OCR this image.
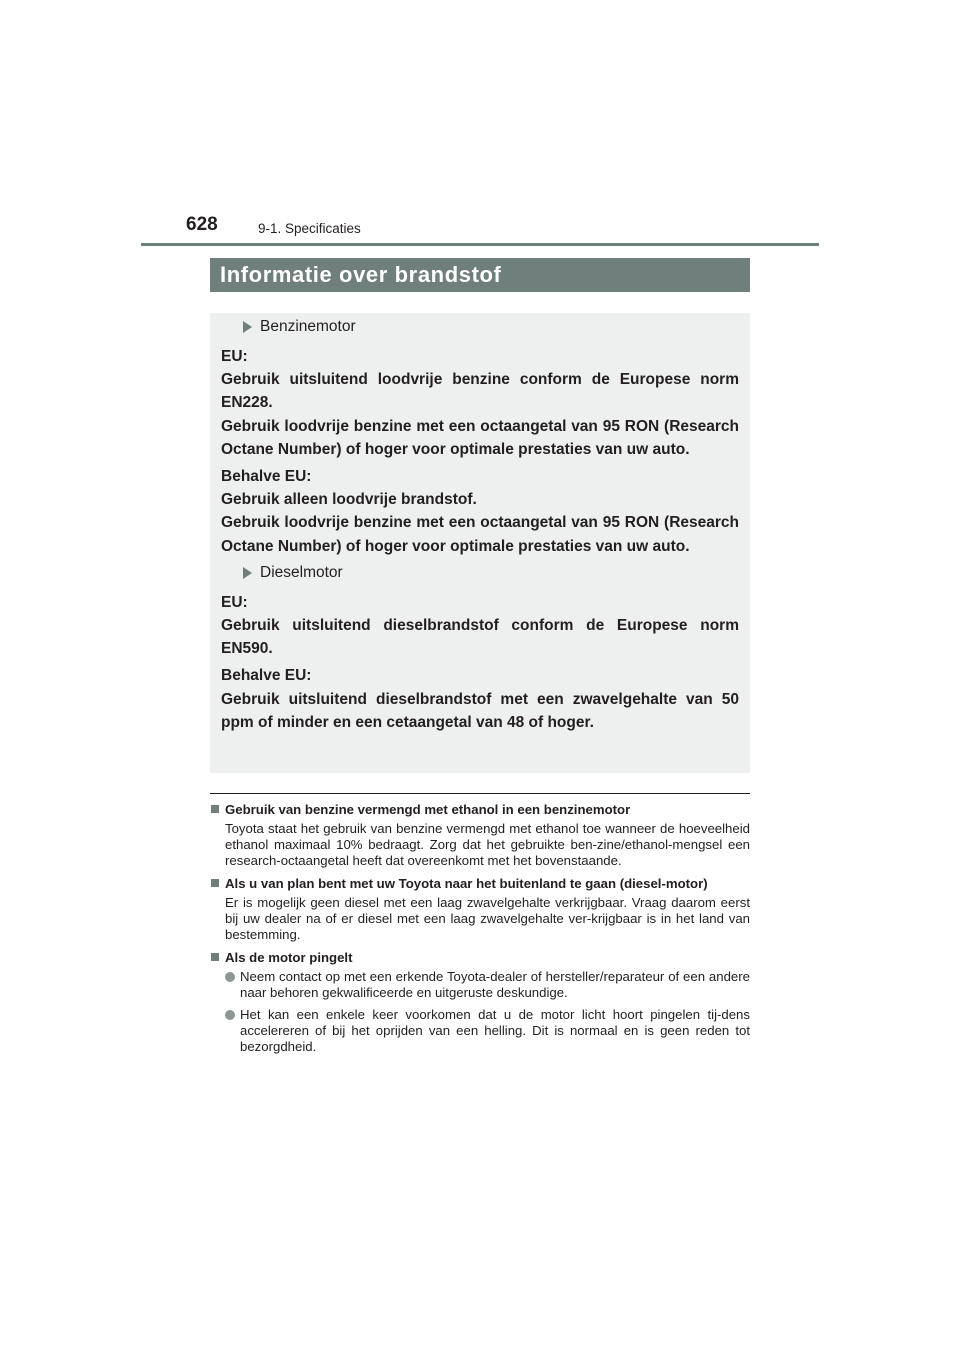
628	9-1. Specificaties
Informatie over brandstof
Benzinemotor
EU:
Gebruik uitsluitend loodvrije benzine conform de Europese norm EN228.
Gebruik loodvrije benzine met een octaangetal van 95 RON (Research Octane Number) of hoger voor optimale prestaties van uw auto.
Behalve EU:
Gebruik alleen loodvrije brandstof.
Gebruik loodvrije benzine met een octaangetal van 95 RON (Research Octane Number) of hoger voor optimale prestaties van uw auto.
Dieselmotor
EU:
Gebruik uitsluitend dieselbrandstof conform de Europese norm EN590.
Behalve EU:
Gebruik uitsluitend dieselbrandstof met een zwavelgehalte van 50 ppm of minder en een cetaangetal van 48 of hoger.
Gebruik van benzine vermengd met ethanol in een benzinemotor
Toyota staat het gebruik van benzine vermengd met ethanol toe wanneer de hoeveelheid ethanol maximaal 10% bedraagt. Zorg dat het gebruikte ben-zine/ethanol-mengsel een research-octaangetal heeft dat overeenkomt met het bovenstaande.
Als u van plan bent met uw Toyota naar het buitenland te gaan (diesel-motor)
Er is mogelijk geen diesel met een laag zwavelgehalte verkrijgbaar. Vraag daarom eerst bij uw dealer na of er diesel met een laag zwavelgehalte ver-krijgbaar is in het land van bestemming.
Als de motor pingelt
Neem contact op met een erkende Toyota-dealer of hersteller/reparateur of een andere naar behoren gekwalificeerde en uitgeruste deskundige.
Het kan een enkele keer voorkomen dat u de motor licht hoort pingelen tij-dens accelereren of bij het oprijden van een helling. Dit is normaal en is geen reden tot bezorgdheid.
